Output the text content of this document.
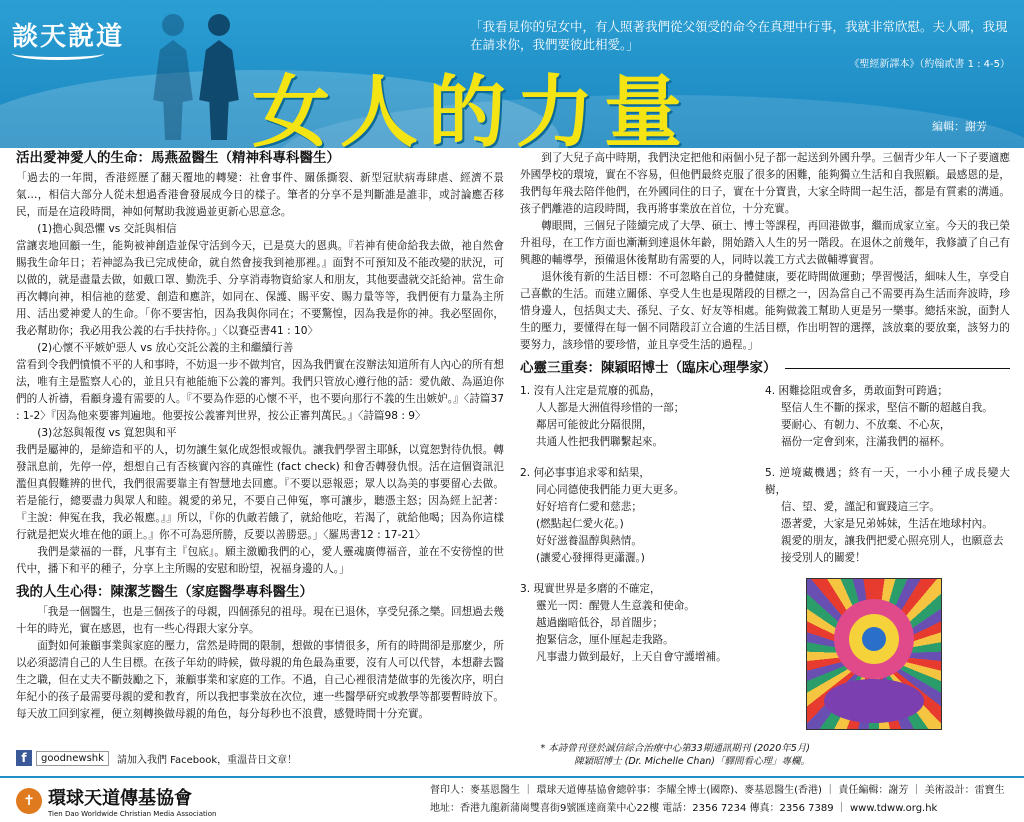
談天說道
女人的力量
「我看見你的兒女中，有人照著我們從父領受的命令在真理中行事，我就非常欣慰。夫人哪，我現在請求你，我們要彼此相愛。」
《聖經新譯本》（約翰貳書 1 : 4-5）
編輯：謝芳
活出愛神愛人的生命：馬燕盈醫生（精神科專科醫生）

「過去的一年間，香港經歷了翻天覆地的轉變：社會事件、關係撕裂、新型冠狀病毒肆虐、經濟不景氣…，相信大部分人從未想過香港會發展成今日的樣子。筆者的分享不是判斷誰是誰非，或討論應否移民，而是在這段時間，神如何幫助我渡過並更新心思意念。

(1)擔心與恐懼 vs 交託與相信

當讓衷地回顧一生，能夠被神創造並保守活到今天，已是莫大的恩典。『若神有使命給我去做，祂自然會賜我生命年日；若神認為我已完成使命，就自然會接我到祂那裡。』面對不可預知及不能改變的狀況，可以做的，就是盡量去做，如戴口罩、勤洗手、分享消毒物資給家人和朋友，其他要盡就交託給神。當生命再次轉向神，相信祂的慈愛、創造和應許，如同在、保護、賜平安、賜力量等等，我們便有力量為主所用、活出愛神愛人的生命。「你不要害怕，因為我與你同在；不要驚惶，因為我是你的神。我必堅固你，我必幫助你；我必用我公義的右手扶持你。」〈以賽亞書41 : 10〉

(2)心懷不平嫉妒惡人 vs 放心交託公義的主和繼續行善

當看到令我們憤憤不平的人和事時，不妨退一步不做判官，因為我們實在沒辦法知道所有人內心的所有想法，唯有主是監察人心的，並且只有祂能施下公義的審判。我們只管放心遵行他的話：愛仇敵、為逼迫你們的人祈禱，看顧身邊有需要的人。『不要為作惡的心懷不平，也不要向那行不義的生出嫉妒。』〈詩篇37 : 1-2〉『因為他來要審判遍地。他要按公義審判世界，按公正審判萬民。』〈詩篇98 : 9〉

(3)忿怒與報復 vs 寬恕與和平

我們是屬神的，是締造和平的人，切勿讓生氣化成怨恨或報仇。讓我們學習主耶穌，以寬恕對待仇恨。轉發訊息前，先停一停，想想自己有否核實內容的真確性 (fact check) 和會否轉發仇恨。活在這個資訊氾濫但真假難辨的世代，我們很需要靠主有智慧地去回應。『不要以惡報惡；眾人以為美的事要留心去做。若是能行，總要盡力與眾人和睦。親愛的弟兄，不要自己伸冤，寧可讓步，聽憑主怒；因為經上記著：『主說：伸冤在我，我必報應。』』所以，『你的仇敵若餓了，就給他吃，若渴了，就給他喝；因為你這樣行就是把炭火堆在他的頭上。』你不可為惡所勝，反要以善勝惡。」〈羅馬書12 : 17-21〉

我們是蒙福的一群，凡事有主『包底』。願主激勵我們的心，愛人靈魂廣傳福音，並在不安徬惶的世代中，播下和平的種子，分享上主所賜的安慰和盼望，祝福身邊的人。」

我的人生心得：陳潔芝醫生（家庭醫學專科醫生）

「我是一個醫生，也是三個孩子的母親，四個孫兒的祖母。現在已退休，享受兒孫之樂。回想過去幾十年的時光，實在感恩，也有一些心得跟大家分享。

面對如何兼顧事業與家庭的壓力，當然是時間的限制，想做的事情很多，所有的時間卻是那麼少，所以必須認清自己的人生目標。在孩子年幼的時候，做母親的角色最為重要，沒有人可以代替，本想辭去醫生之職，但在丈夫不斷鼓勵之下，兼顧事業和家庭的工作。不過，自己心裡很清楚做事的先後次序，明白年紀小的孩子最需要母親的愛和教育，所以我把事業放在次位，連一些醫學研究或教學等都要暫時放下。每天放工回到家裡，便立刻轉換做母親的角色，每分每秒也不浪費，感覺時間十分充實。

到了大兒子高中時期，我們決定把他和兩個小兒子都一起送到外國升學。三個青少年人一下子要適應外國學校的環境，實在不容易，但他們最終克服了很多的困難，能夠獨立生活和自我照顧。最感恩的是，我們每年飛去陪伴他們，在外國同住的日子，實在十分寶貴，大家全時間一起生活，都是有質素的溝通。孩子們離港的這段時間，我再將事業放在首位，十分充實。

轉眼間，三個兒子陸續完成了大學、碩士、博士等課程，再回港做事，繼而成家立室。今天的我已榮升祖母，在工作方面也漸漸到達退休年齡，開始踏入人生的另一階段。在退休之前幾年，我修讀了自己有興趣的輔導學，預備退休後幫助有需要的人，同時以義工方式去做輔導實習。

退休後有新的生活目標：不可忽略自己的身體健康，要花時間做運動；學習慢活，細味人生，享受自己喜歡的生活。而建立關係、享受人生也是現階段的目標之一，因為當自己不需要再為生活而奔波時，珍惜身邊人，包括與丈夫、孫兒、子女、好友等相處。能夠做義工幫助人更是另一樂事。總括來說，面對人生的壓力，要懂得在每一個不同階段訂立合適的生活目標，作出明智的選擇，該放棄的要放棄，該努力的要努力，該珍惜的要珍惜，並且享受生活的過程。」

心靈三重奏：陳穎昭博士（臨床心理學家）
1. 沒有人注定是荒廢的孤島，
人人都是大洲值得珍惜的一部；
鄰居可能彼此分隔很開，
共通人性把我們聯繫起來。
2. 何必事事追求零和結果，
同心同德使我們能力更大更多。
好好培育仁愛和慈悲；
(燃點起仁愛火花。)
好好滋養温醇與熱情。
(讓愛心發揮得更瀟灑。)
3. 現實世界是多磨的不確定，
靈光一閃：醒覺人生意義和使命。
越過幽暗低谷，昂首闊步；
抱緊信念，厘仆厘起走我路。
凡事盡力做到最好，上天自會守護增補。
4. 困難捻阻或會多，勇敢面對可跨過；
堅信人生不斷的探求，堅信不斷的超越自我。
要耐心、有韌力、不放棄、不心灰，
福份一定會到來，注滿我們的福杯。
5. 逆境藏機遇；終有一天，一小小種子成長變大樹，
信、望、愛，謹記和實踐這三字。
憑著愛，大家是兄弟姊妹，生活在地球村內。
親愛的朋友，讓我們把愛心照亮別人，也願意去
接受別人的關愛！
* 本詩曾刊登於誠信綜合治療中心第33期通訊期刊 (2020年5月)
陳穎昭博士 (Dr. Michelle Chan)「驛間看心理」專欄。
f	goodnewshk	請加入我們 Facebook，重溫昔日文章！
✝ 環球天道傳基協會
Tien Dao Worldwide Christian Media Association
督印人：麥基恩醫生 ｜ 環球天道傳基協會總幹事：李耀全博士(國際)、麥基恩醫生(香港) ｜ 責任編輯：謝芳 ｜ 美術設計：雷寶生
地址：香港九龍新蒲崗雙喜街9號匯達商業中心22樓 電話：2356 7234 傳真：2356 7389 ｜ www.tdww.org.hk
